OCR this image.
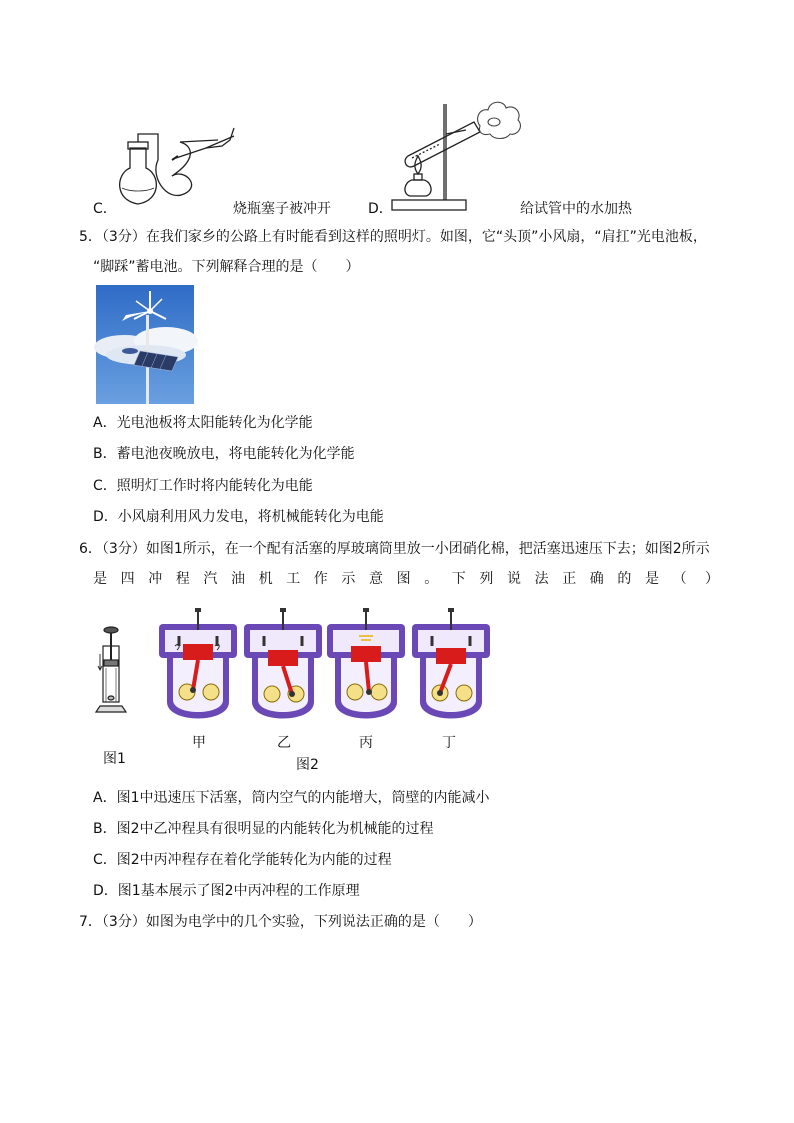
C．	烧瓶塞子被冲开	D．	给试管中的水加热
5．（3分）在我们家乡的公路上有时能看到这样的照明灯。如图，它“头顶”小风扇，“肩扛”光电池板，
“脚踩”蓄电池。下列解释合理的是（　　）
A．光电池板将太阳能转化为化学能
B．蓄电池夜晚放电，将电能转化为化学能
C．照明灯工作时将内能转化为电能
D．小风扇利用风力发电，将机械能转化为电能
6．（3分）如图1所示，在一个配有活塞的厚玻璃筒里放一小团硝化棉，把活塞迅速压下去；如图2所示
是四冲程汽油机工作示意图。下列说法正确的是（ ）
图1
甲	乙	丙	丁
图2
A．图1中迅速压下活塞，筒内空气的内能增大，筒壁的内能减小
B．图2中乙冲程具有很明显的内能转化为机械能的过程
C．图2中丙冲程存在着化学能转化为内能的过程
D．图1基本展示了图2中丙冲程的工作原理
7．（3分）如图为电学中的几个实验，下列说法正确的是（　　）
